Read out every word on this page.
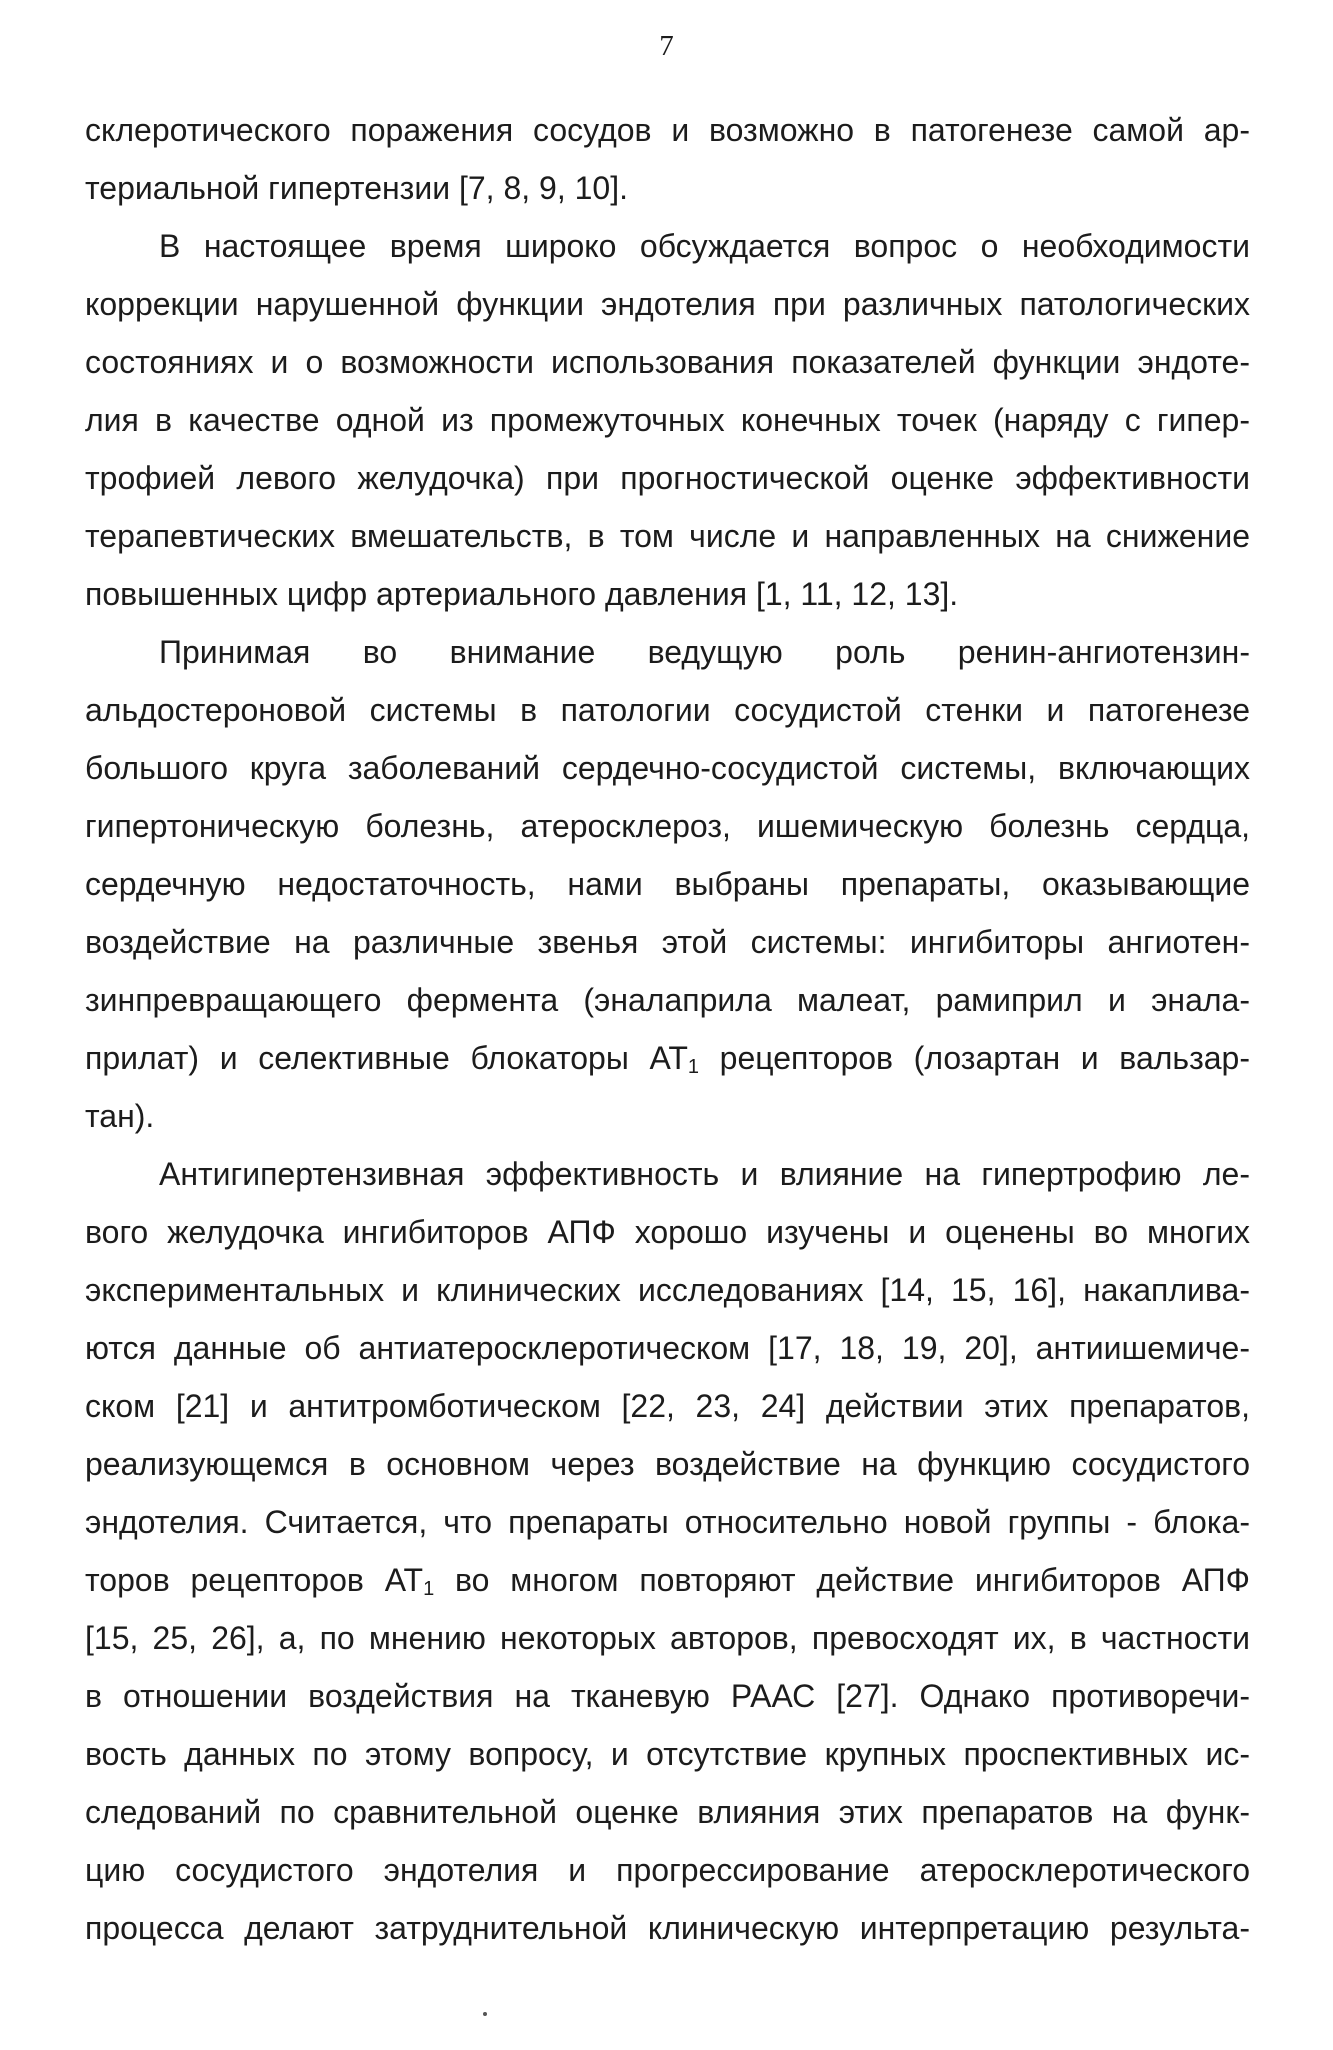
7
склеротического поражения сосудов и возможно в патогенезе самой ар-
териальной гипертензии [7, 8, 9, 10].
В настоящее время широко обсуждается вопрос о необходимости
коррекции нарушенной функции эндотелия при различных патологических
состояниях и о возможности использования показателей функции эндоте-
лия в качестве одной из промежуточных конечных точек (наряду с гипер-
трофией левого желудочка) при прогностической оценке эффективности
терапевтических вмешательств, в том числе и направленных на снижение
повышенных цифр артериального давления [1, 11, 12, 13].
Принимая во внимание ведущую роль ренин-ангиотензин-
альдостероновой системы в патологии сосудистой стенки и патогенезе
большого круга заболеваний сердечно-сосудистой системы, включающих
гипертоническую болезнь, атеросклероз, ишемическую болезнь сердца,
сердечную недостаточность, нами выбраны препараты, оказывающие
воздействие на различные звенья этой системы: ингибиторы ангиотен-
зинпревращающего фермента (эналаприла малеат, рамиприл и энала-
прилат) и селективные блокаторы $АТ_1$ рецепторов (лозартан и вальзар-
тан).
Антигипертензивная эффективность и влияние на гипертрофию ле-
вого желудочка ингибиторов АПФ хорошо изучены и оценены во многих
экспериментальных и клинических исследованиях [14, 15, 16], накаплива-
ются данные об антиатеросклеротическом [17, 18, 19, 20], антиишемиче-
ском [21] и антитромботическом [22, 23, 24] действии этих препаратов,
реализующемся в основном через воздействие на функцию сосудистого
эндотелия. Считается, что препараты относительно новой группы - блока-
торов рецепторов $АТ_1$ во многом повторяют действие ингибиторов АПФ
[15, 25, 26], а, по мнению некоторых авторов, превосходят их, в частности
в отношении воздействия на тканевую РААС [27]. Однако противоречи-
вость данных по этому вопросу, и отсутствие крупных проспективных ис-
следований по сравнительной оценке влияния этих препаратов на функ-
цию сосудистого эндотелия и прогрессирование атеросклеротического
процесса делают затруднительной клиническую интерпретацию результа-
